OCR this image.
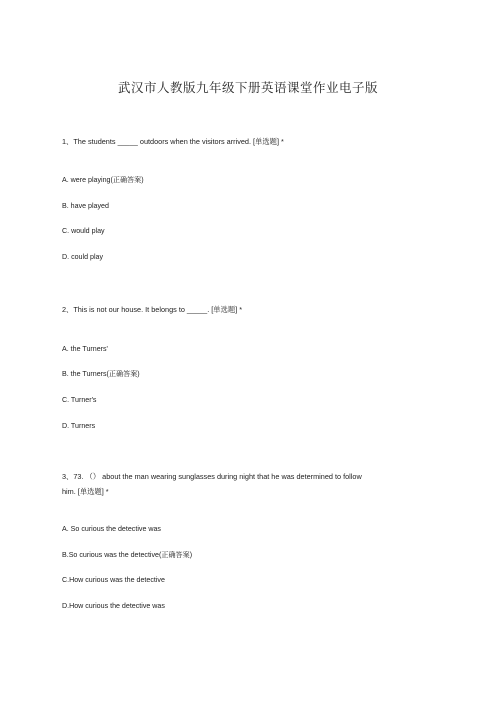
武汉市人教版九年级下册英语课堂作业电子版
1、The students _____ outdoors when the visitors arrived. [单选题] *
A. were playing(正确答案)
B. have played
C. would play
D. could play
2、This is not our house. It belongs to _____. [单选题] *
A. the Turners'
B. the Turners(正确答案)
C. Turner's
D. Turners
3、73. （） about the man wearing sunglasses during night that he was determined to follow
him. [单选题] *
A. So curious the detective was
B.So curious was the detective(正确答案)
C.How curious was the detective
D.How curious the detective was
